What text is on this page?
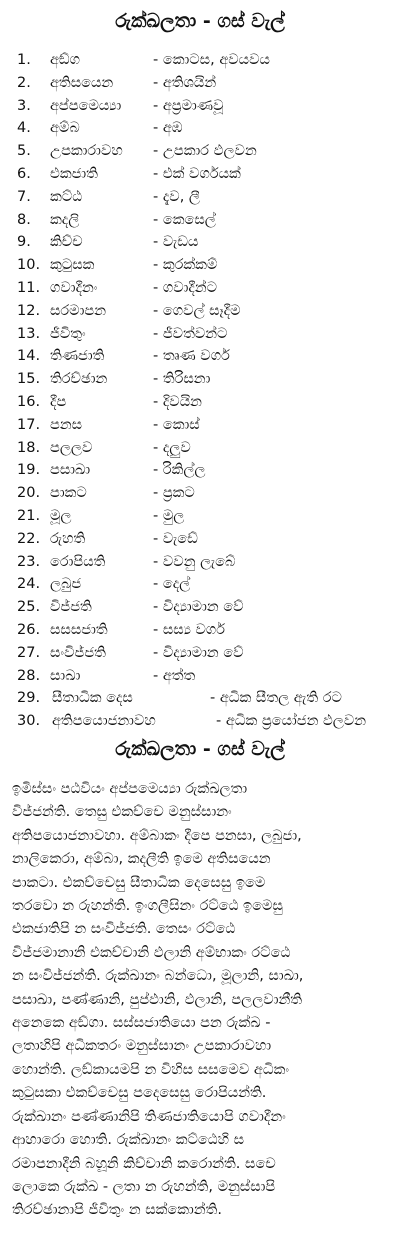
රුක්ඛලතා - ගස් වැල්
1. අඞ්ග	- කොටස, අවයවය
2. අතිසයෙන	- අතිශයින්
3. අප්පමෙය්‍යා - අප්‍රමාණවූ
4. අම්බ	- අඹ
5. උපකාරාවහ - උපකාර ඵලවන
6. එකජාති	- එක් වර්ගයක්
7. කට්ඨ	- දැව, ලී
8. කදලි	- කෙසෙල්
9. කිච්ච	- වැඩය
10. කුටුසක	- කුරක්කම්
11. ගවාදීනං	- ගවාදීන්ට
12. සරමාපන	- ගෙවල් සෑදීම
13. ජීවිතුං	- ජීවත්වන්ට
14. තිණජාති	- තෘණ වර්ග
15. තිරච්ඡාන	- තිරිසනා
16. දීප	- දිවයින
17. පනස	- කොස්
18. පලලව	- දලුව
19. පසාඛා	- රිකිල්ල
20. පාකට	- ප්‍රකට
21. මූල	- මුල
22. රුහති	- වැඩේ
23. රොපියති	- වවනු ලැබේ
24. ලබුජ	- දෙල්
25. විජ්ජති	- විද්‍යාමාන වේ
26. සසසජාති	- සස්‍ය වර්ග
27. සංවිජ්ජති	- විද්‍යාමාන වේ
28. සාඛා	- අත්ත
29. සීතාධික දෙස	- අධික සීතල ඇති රට
30. අතිපයොජනාවහ	- අධික ප්‍රයෝජන ඵලවන
රුක්ඛලතා - ගස් වැල්
ඉමිස්සං පඨවියං අප්පමෙය්‍යා රුක්ඛලතා
විජ්ජන්ති. තෙසු එකච්චෙ මනුස්සානං
අතිපයොජනාවහා. අම්බාකං දීපෙ පනසා, ලබුජා,
නාලිකෙරා, අම්බා, කදලීති ඉමෙ අතිසයෙන
පාකටා. එකච්චෙසු සීතාධික දෙසෙසු ඉමෙ
තරවො න රුහන්ති. ඉංගලීසිනං රට්ඨෙ ඉමෙසු
එකජාතිපි න සංවිජ්ජති. තෙසං රට්ඨෙ
විජ්ජමානානි එකච්චානි ඵලානි අම්භාකං රට්ඨෙ
න සංවිජ්ජන්ති. රුක්ඛානං බන්ධො, මූලානි, සාඛා,
පසාඛා, පණ්ණානි, පුප්ඵානි, ඵලානි, පලලවානීති
අනෙකෙ අඞ්ගා. සස්සජාතියො පන රුක්ඛ -
ලතාහිපි අධිකතරං මනුස්සානං උපකාරාවහා
හොන්ති. ලඞ්කායමපි න විහිස සසමෙව අධිකං
කුටුසකා එකච්චෙසු පදෙසෙසු රොපියන්ති.
රුක්ඛානං පණ්ණානිපි තිණජාතියොපි ගවාදීනං
ආහාරො හොති. රුක්ඛානං කට්ඨෙහි ස
රමාපනාදීනි බහූනි කිච්චානි කරොන්ති. සචෙ
ලොකෙ රුක්ඛ - ලතා න රුහන්ති, මනුස්සාපි
තිරච්ඡානාපි ජීවිතුං න සක්කොන්ති.
